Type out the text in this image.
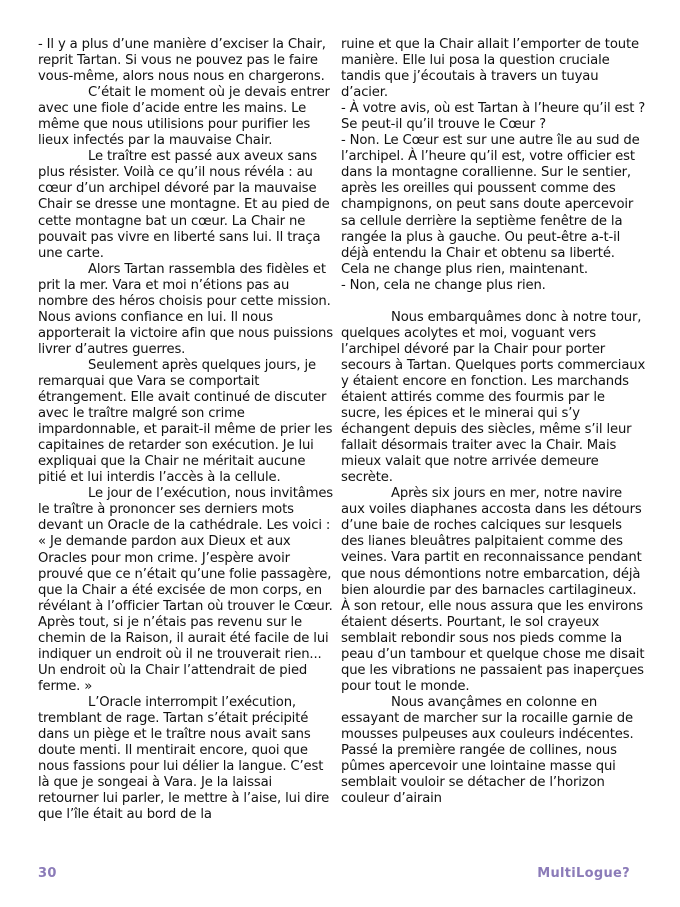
- Il y a plus d’une manière d’exciser la Chair, reprit Tartan. Si vous ne pouvez pas le faire vous-même, alors nous nous en chargerons.

C’était le moment où je devais entrer avec une fiole d’acide entre les mains. Le même que nous utilisions pour purifier les lieux infectés par la mauvaise Chair.

Le traître est passé aux aveux sans plus résister. Voilà ce qu’il nous révéla : au cœur d’un archipel dévoré par la mauvaise Chair se dresse une montagne. Et au pied de cette montagne bat un cœur. La Chair ne pouvait pas vivre en liberté sans lui. Il traça une carte.

Alors Tartan rassembla des fidèles et prit la mer. Vara et moi n’étions pas au nombre des héros choisis pour cette mission. Nous avions confiance en lui. Il nous apporterait la victoire afin que nous puissions livrer d’autres guerres.

Seulement après quelques jours, je remarquai que Vara se comportait étrangement. Elle avait continué de discuter avec le traître malgré son crime impardonnable, et parait-il même de prier les capitaines de retarder son exécution. Je lui expliquai que la Chair ne méritait aucune pitié et lui interdis l’accès à la cellule.

Le jour de l’exécution, nous invitâmes le traître à prononcer ses derniers mots devant un Oracle de la cathédrale. Les voici :

« Je demande pardon aux Dieux et aux Oracles pour mon crime. J’espère avoir prouvé que ce n’était qu’une folie passagère, que la Chair a été excisée de mon corps, en révélant à l’officier Tartan où trouver le Cœur. Après tout, si je n’étais pas revenu sur le chemin de la Raison, il aurait été facile de lui indiquer un endroit où il ne trouverait rien... Un endroit où la Chair l’attendrait de pied ferme. »

L’Oracle interrompit l’exécution, tremblant de rage. Tartan s’était précipité dans un piège et le traître nous avait sans doute menti. Il mentirait encore, quoi que nous fassions pour lui délier la langue. C’est là que je songeai à Vara. Je la laissai retourner lui parler, le mettre à l’aise, lui dire que l’île était au bord de la

ruine et que la Chair allait l’emporter de toute manière. Elle lui posa la question cruciale tandis que j’écoutais à travers un tuyau d’acier.

- À votre avis, où est Tartan à l’heure qu’il est ? Se peut-il qu’il trouve le Cœur ?

- Non. Le Cœur est sur une autre île au sud de l’archipel. À l’heure qu’il est, votre officier est dans la montagne corallienne. Sur le sentier, après les oreilles qui poussent comme des champignons, on peut sans doute apercevoir sa cellule derrière la septième fenêtre de la rangée la plus à gauche. Ou peut-être a-t-il déjà entendu la Chair et obtenu sa liberté. Cela ne change plus rien, maintenant.

- Non, cela ne change plus rien.

Nous embarquâmes donc à notre tour, quelques acolytes et moi, voguant vers l’archipel dévoré par la Chair pour porter secours à Tartan. Quelques ports commerciaux y étaient encore en fonction. Les marchands étaient attirés comme des fourmis par le sucre, les épices et le minerai qui s’y échangent depuis des siècles, même s’il leur fallait désormais traiter avec la Chair. Mais mieux valait que notre arrivée demeure secrète.

Après six jours en mer, notre navire aux voiles diaphanes accosta dans les détours d’une baie de roches calciques sur lesquels des lianes bleuâtres palpitaient comme des veines. Vara partit en reconnaissance pendant que nous démontions notre embarcation, déjà bien alourdie par des barnacles cartilagineux. À son retour, elle nous assura que les environs étaient déserts. Pourtant, le sol crayeux semblait rebondir sous nos pieds comme la peau d’un tambour et quelque chose me disait que les vibrations ne passaient pas inaperçues pour tout le monde.

Nous avançâmes en colonne en essayant de marcher sur la rocaille garnie de mousses pulpeuses aux couleurs indécentes. Passé la première rangée de collines, nous pûmes apercevoir une lointaine masse qui semblait vouloir se détacher de l’horizon couleur d’airain

30	MultiLogue?
